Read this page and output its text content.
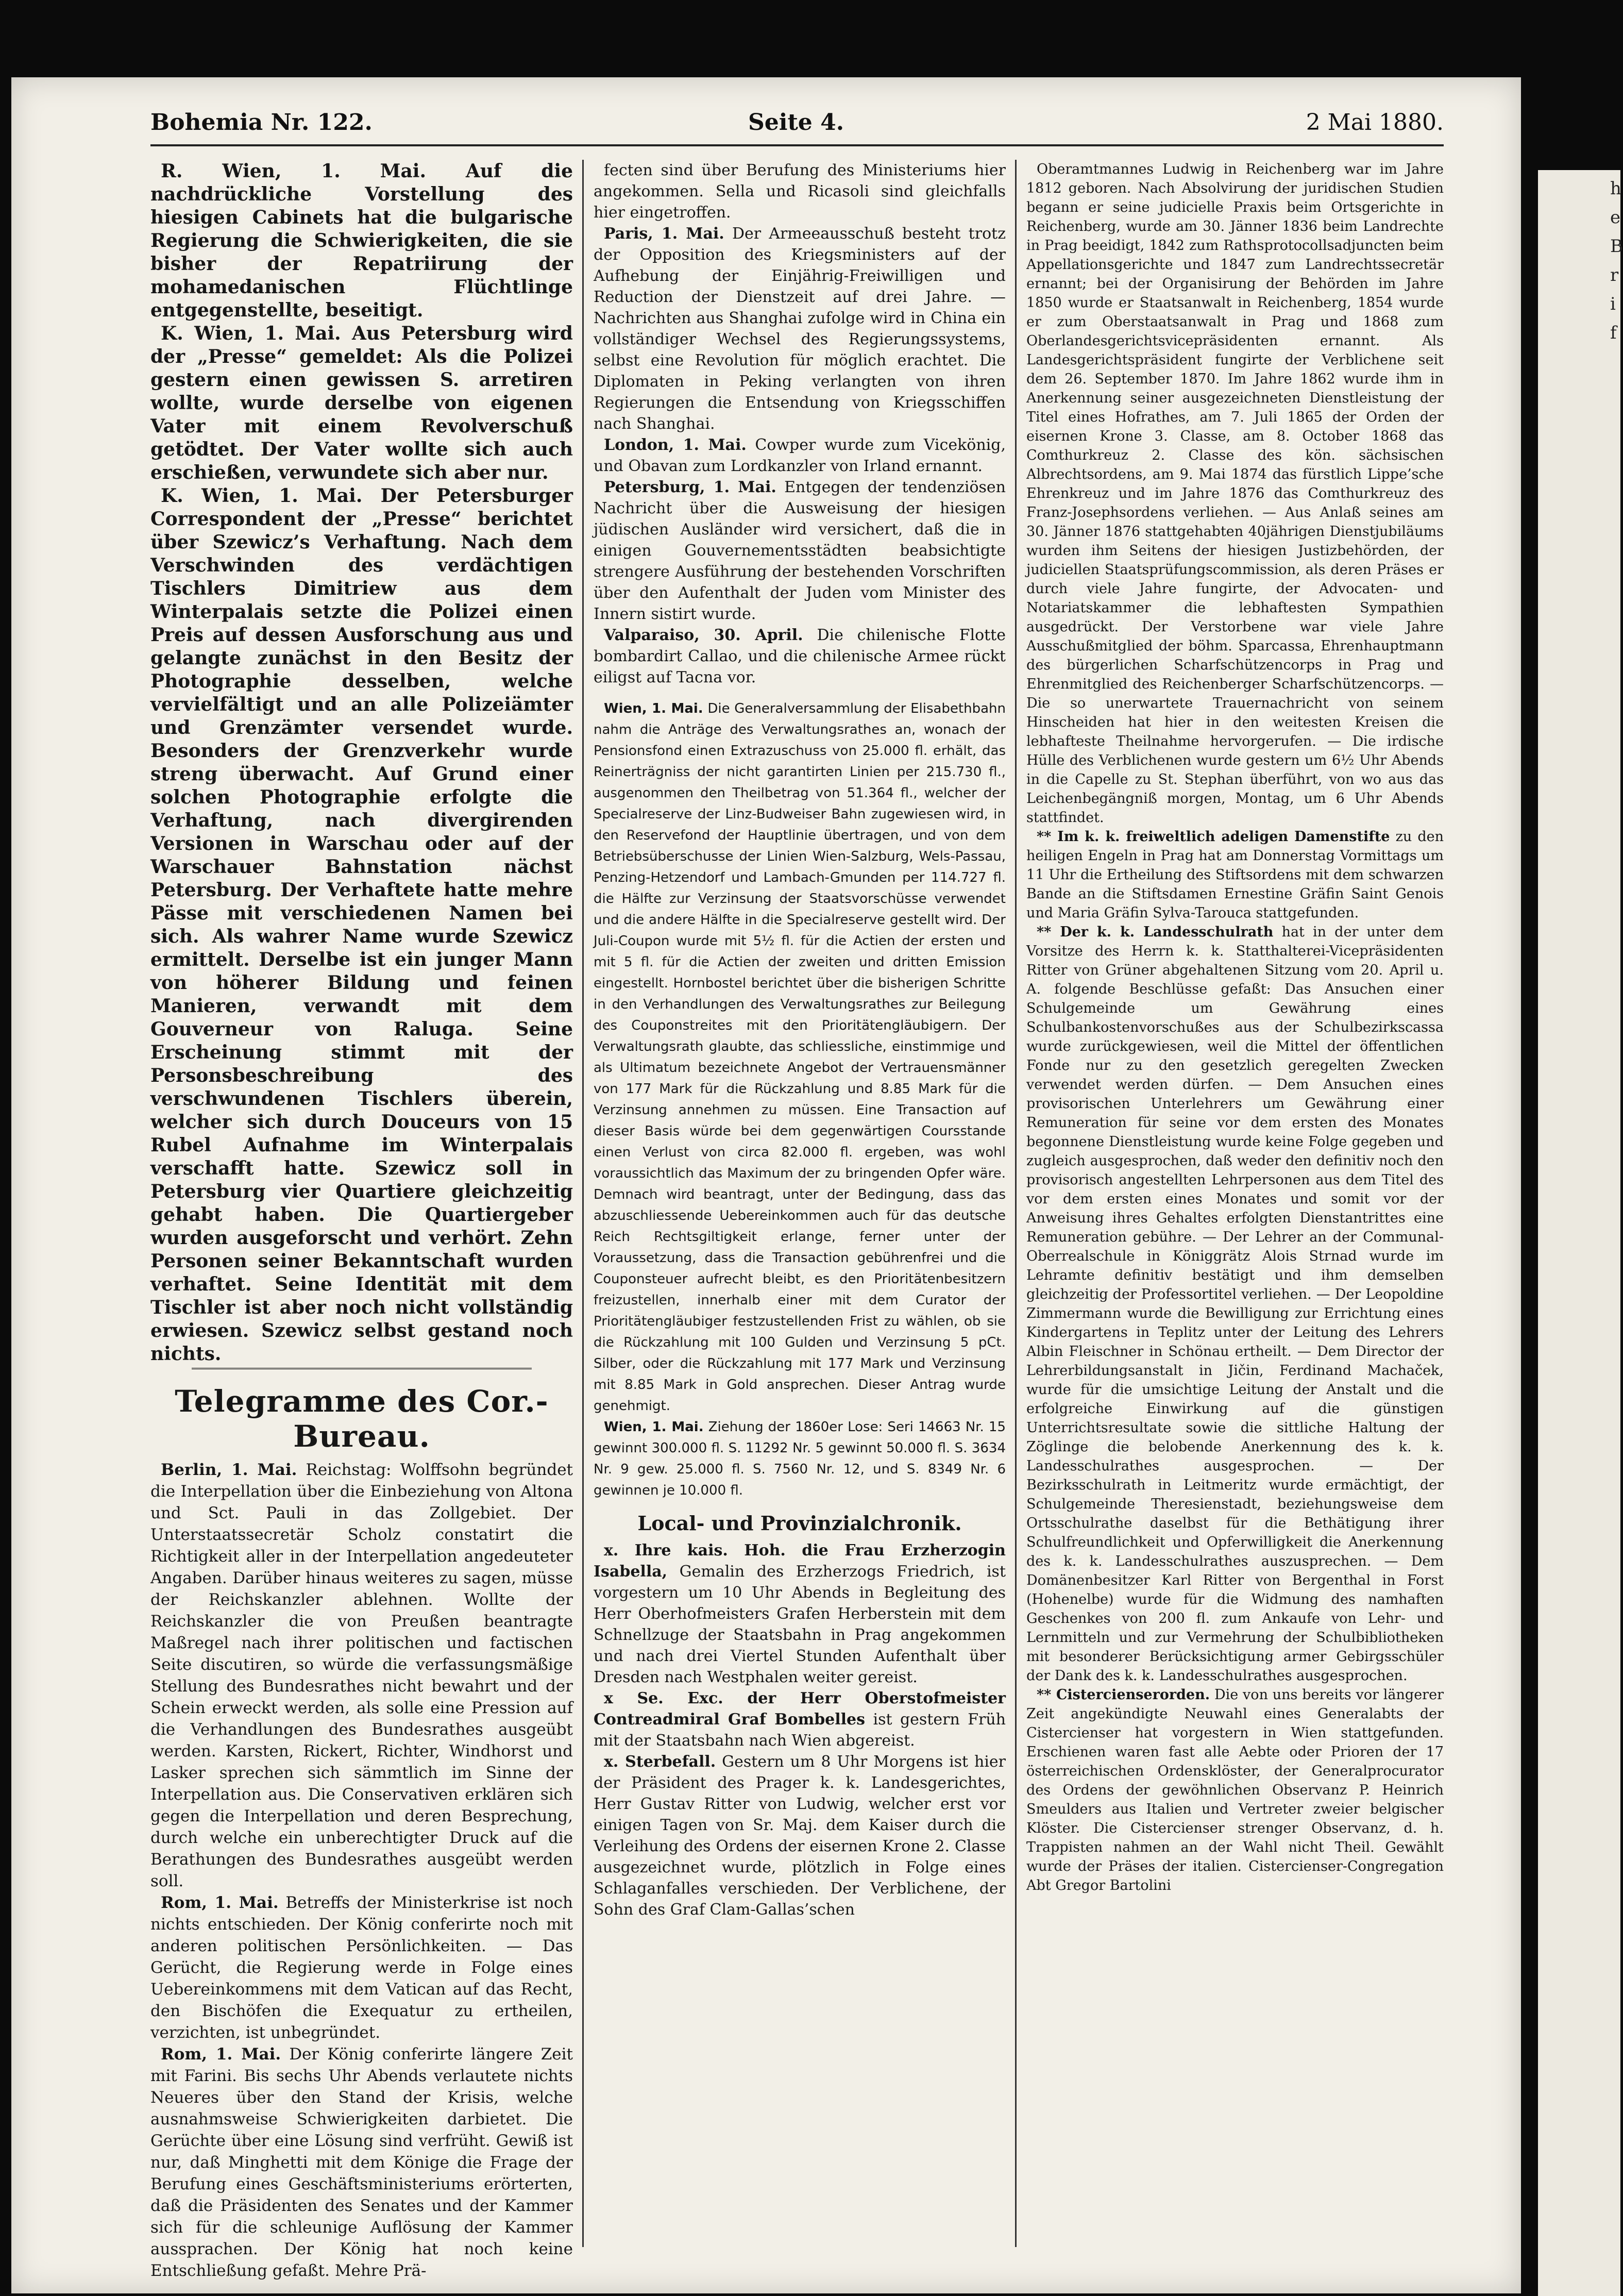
Bohemia Nr. 122.	Seite 4.	2 Mai 1880.

R. Wien, 1. Mai. Auf die nachdrückliche Vorstellung des hiesigen Cabinets hat die bulgarische Regierung die Schwierigkeiten, die sie bisher der Repatriirung der mohamedanischen Flüchtlinge entgegenstellte, beseitigt.

K. Wien, 1. Mai. Aus Petersburg wird der „Presse“ gemeldet: Als die Polizei gestern einen gewissen S. arretiren wollte, wurde derselbe von eigenen Vater mit einem Revolverschuß getödtet. Der Vater wollte sich auch erschießen, verwundete sich aber nur.

K. Wien, 1. Mai. Der Petersburger Correspondent der „Presse“ berichtet über Szewicz’s Verhaftung. Nach dem Verschwinden des verdächtigen Tischlers Dimitriew aus dem Winterpalais setzte die Polizei einen Preis auf dessen Ausforschung aus und gelangte zunächst in den Besitz der Photographie desselben, welche vervielfältigt und an alle Polizeiämter und Grenzämter versendet wurde. Besonders der Grenzverkehr wurde streng überwacht. Auf Grund einer solchen Photographie erfolgte die Verhaftung, nach divergirenden Versionen in Warschau oder auf der Warschauer Bahnstation nächst Petersburg. Der Verhaftete hatte mehre Pässe mit verschiedenen Namen bei sich. Als wahrer Name wurde Szewicz ermittelt. Derselbe ist ein junger Mann von höherer Bildung und feinen Manieren, verwandt mit dem Gouverneur von Raluga. Seine Erscheinung stimmt mit der Personsbeschreibung des verschwundenen Tischlers überein, welcher sich durch Douceurs von 15 Rubel Aufnahme im Winterpalais verschafft hatte. Szewicz soll in Petersburg vier Quartiere gleichzeitig gehabt haben. Die Quartiergeber wurden ausgeforscht und verhört. Zehn Personen seiner Bekanntschaft wurden verhaftet. Seine Identität mit dem Tischler ist aber noch nicht vollständig erwiesen. Szewicz selbst gestand noch nichts.

Telegramme des Cor.-Bureau.

Berlin, 1. Mai. Reichstag: Wolffsohn begründet die Interpellation über die Einbeziehung von Altona und Sct. Pauli in das Zollgebiet. Der Unterstaatssecretär Scholz constatirt die Richtigkeit aller in der Interpellation angedeuteter Angaben. Darüber hinaus weiteres zu sagen, müsse der Reichskanzler ablehnen. Wollte der Reichskanzler die von Preußen beantragte Maßregel nach ihrer politischen und factischen Seite discutiren, so würde die verfassungsmäßige Stellung des Bundesrathes nicht bewahrt und der Schein erweckt werden, als solle eine Pression auf die Verhandlungen des Bundesrathes ausgeübt werden. Karsten, Rickert, Richter, Windhorst und Lasker sprechen sich sämmtlich im Sinne der Interpellation aus. Die Conservativen erklären sich gegen die Interpellation und deren Besprechung, durch welche ein unberechtigter Druck auf die Berathungen des Bundesrathes ausgeübt werden soll.

Rom, 1. Mai. Betreffs der Ministerkrise ist noch nichts entschieden. Der König conferirte noch mit anderen politischen Persönlichkeiten. — Das Gerücht, die Regierung werde in Folge eines Uebereinkommens mit dem Vatican auf das Recht, den Bischöfen die Exequatur zu ertheilen, verzichten, ist unbegründet.

Rom, 1. Mai. Der König conferirte längere Zeit mit Farini. Bis sechs Uhr Abends verlautete nichts Neueres über den Stand der Krisis, welche ausnahmsweise Schwierigkeiten darbietet. Die Gerüchte über eine Lösung sind verfrüht. Gewiß ist nur, daß Minghetti mit dem Könige die Frage der Berufung eines Geschäftsministeriums erörterten, daß die Präsidenten des Senates und der Kammer sich für die schleunige Auflösung der Kammer aussprachen. Der König hat noch keine Entschließung gefaßt. Mehre Prä-

fecten sind über Berufung des Ministeriums hier angekommen. Sella und Ricasoli sind gleichfalls hier eingetroffen.

Paris, 1. Mai. Der Armeeausschuß besteht trotz der Opposition des Kriegsministers auf der Aufhebung der Einjährig-Freiwilligen und Reduction der Dienstzeit auf drei Jahre. — Nachrichten aus Shanghai zufolge wird in China ein vollständiger Wechsel des Regierungssystems, selbst eine Revolution für möglich erachtet. Die Diplomaten in Peking verlangten von ihren Regierungen die Entsendung von Kriegsschiffen nach Shanghai.

London, 1. Mai. Cowper wurde zum Vicekönig, und Obavan zum Lordkanzler von Irland ernannt.

Petersburg, 1. Mai. Entgegen der tendenziösen Nachricht über die Ausweisung der hiesigen jüdischen Ausländer wird versichert, daß die in einigen Gouvernementsstädten beabsichtigte strengere Ausführung der bestehenden Vorschriften über den Aufenthalt der Juden vom Minister des Innern sistirt wurde.

Valparaiso, 30. April. Die chilenische Flotte bombardirt Callao, und die chilenische Armee rückt eiligst auf Tacna vor.

Wien, 1. Mai. Die Generalversammlung der Elisabethbahn nahm die Anträge des Verwaltungsrathes an, wonach der Pensionsfond einen Extrazuschuss von 25.000 fl. erhält, das Reinerträgniss der nicht garantirten Linien per 215.730 fl., ausgenommen den Theilbetrag von 51.364 fl., welcher der Specialreserve der Linz-Budweiser Bahn zugewiesen wird, in den Reservefond der Hauptlinie übertragen, und von dem Betriebsüberschusse der Linien Wien-Salzburg, Wels-Passau, Penzing-Hetzendorf und Lambach-Gmunden per 114.727 fl. die Hälfte zur Verzinsung der Staatsvorschüsse verwendet und die andere Hälfte in die Specialreserve gestellt wird. Der Juli-Coupon wurde mit 5½ fl. für die Actien der ersten und mit 5 fl. für die Actien der zweiten und dritten Emission eingestellt. Hornbostel berichtet über die bisherigen Schritte in den Verhandlungen des Verwaltungsrathes zur Beilegung des Couponstreites mit den Prioritätengläubigern. Der Verwaltungsrath glaubte, das schliessliche, einstimmige und als Ultimatum bezeichnete Angebot der Vertrauensmänner von 177 Mark für die Rückzahlung und 8.85 Mark für die Verzinsung annehmen zu müssen. Eine Transaction auf dieser Basis würde bei dem gegenwärtigen Coursstande einen Verlust von circa 82.000 fl. ergeben, was wohl voraussichtlich das Maximum der zu bringenden Opfer wäre. Demnach wird beantragt, unter der Bedingung, dass das abzuschliessende Uebereinkommen auch für das deutsche Reich Rechtsgiltigkeit erlange, ferner unter der Voraussetzung, dass die Transaction gebührenfrei und die Couponsteuer aufrecht bleibt, es den Prioritätenbesitzern freizustellen, innerhalb einer mit dem Curator der Prioritätengläubiger festzustellenden Frist zu wählen, ob sie die Rückzahlung mit 100 Gulden und Verzinsung 5 pCt. Silber, oder die Rückzahlung mit 177 Mark und Verzinsung mit 8.85 Mark in Gold ansprechen. Dieser Antrag wurde genehmigt.

Wien, 1. Mai. Ziehung der 1860er Lose: Seri 14663 Nr. 15 gewinnt 300.000 fl. S. 11292 Nr. 5 gewinnt 50.000 fl. S. 3634 Nr. 9 gew. 25.000 fl. S. 7560 Nr. 12, und S. 8349 Nr. 6 gewinnen je 10.000 fl.

Local- und Provinzialchronik.

x. Ihre kais. Hoh. die Frau Erzherzogin Isabella, Gemalin des Erzherzogs Friedrich, ist vorgestern um 10 Uhr Abends in Begleitung des Herr Oberhofmeisters Grafen Herberstein mit dem Schnellzuge der Staatsbahn in Prag angekommen und nach drei Viertel Stunden Aufenthalt über Dresden nach Westphalen weiter gereist.

x Se. Exc. der Herr Oberstofmeister Contreadmiral Graf Bombelles ist gestern Früh mit der Staatsbahn nach Wien abgereist.

x. Sterbefall. Gestern um 8 Uhr Morgens ist hier der Präsident des Prager k. k. Landesgerichtes, Herr Gustav Ritter von Ludwig, welcher erst vor einigen Tagen von Sr. Maj. dem Kaiser durch die Verleihung des Ordens der eisernen Krone 2. Classe ausgezeichnet wurde, plötzlich in Folge eines Schlaganfalles verschieden. Der Verblichene, der Sohn des Graf Clam-Gallas’schen

Oberamtmannes Ludwig in Reichenberg war im Jahre 1812 geboren. Nach Absolvirung der juridischen Studien begann er seine judicielle Praxis beim Ortsgerichte in Reichenberg, wurde am 30. Jänner 1836 beim Landrechte in Prag beeidigt, 1842 zum Rathsprotocollsadjuncten beim Appellationsgerichte und 1847 zum Landrechtssecretär ernannt; bei der Organisirung der Behörden im Jahre 1850 wurde er Staatsanwalt in Reichenberg, 1854 wurde er zum Oberstaatsanwalt in Prag und 1868 zum Oberlandesgerichtsvicepräsidenten ernannt. Als Landesgerichtspräsident fungirte der Verblichene seit dem 26. September 1870. Im Jahre 1862 wurde ihm in Anerkennung seiner ausgezeichneten Dienstleistung der Titel eines Hofrathes, am 7. Juli 1865 der Orden der eisernen Krone 3. Classe, am 8. October 1868 das Comthurkreuz 2. Classe des kön. sächsischen Albrechtsordens, am 9. Mai 1874 das fürstlich Lippe’sche Ehrenkreuz und im Jahre 1876 das Comthurkreuz des Franz-Josephsordens verliehen. — Aus Anlaß seines am 30. Jänner 1876 stattgehabten 40jährigen Dienstjubiläums wurden ihm Seitens der hiesigen Justizbehörden, der judiciellen Staatsprüfungscommission, als deren Präses er durch viele Jahre fungirte, der Advocaten- und Notariatskammer die lebhaftesten Sympathien ausgedrückt. Der Verstorbene war viele Jahre Ausschußmitglied der böhm. Sparcassa, Ehrenhauptmann des bürgerlichen Scharfschützencorps in Prag und Ehrenmitglied des Reichenberger Scharfschützencorps. — Die so unerwartete Trauernachricht von seinem Hinscheiden hat hier in den weitesten Kreisen die lebhafteste Theilnahme hervorgerufen. — Die irdische Hülle des Verblichenen wurde gestern um 6½ Uhr Abends in die Capelle zu St. Stephan überführt, von wo aus das Leichenbegängniß morgen, Montag, um 6 Uhr Abends stattfindet.

** Im k. k. freiweltlich adeligen Damenstifte zu den heiligen Engeln in Prag hat am Donnerstag Vormittags um 11 Uhr die Ertheilung des Stiftsordens mit dem schwarzen Bande an die Stiftsdamen Ernestine Gräfin Saint Genois und Maria Gräfin Sylva-Tarouca stattgefunden.

** Der k. k. Landesschulrath hat in der unter dem Vorsitze des Herrn k. k. Statthalterei-Vicepräsidenten Ritter von Grüner abgehaltenen Sitzung vom 20. April u. A. folgende Beschlüsse gefaßt: Das Ansuchen einer Schulgemeinde um Gewährung eines Schulbankostenvorschußes aus der Schulbezirkscassa wurde zurückgewiesen, weil die Mittel der öffentlichen Fonde nur zu den gesetzlich geregelten Zwecken verwendet werden dürfen. — Dem Ansuchen eines provisorischen Unterlehrers um Gewährung einer Remuneration für seine vor dem ersten des Monates begonnene Dienstleistung wurde keine Folge gegeben und zugleich ausgesprochen, daß weder den definitiv noch den provisorisch angestellten Lehrpersonen aus dem Titel des vor dem ersten eines Monates und somit vor der Anweisung ihres Gehaltes erfolgten Dienstantrittes eine Remuneration gebühre. — Der Lehrer an der Communal-Oberrealschule in Königgrätz Alois Strnad wurde im Lehramte definitiv bestätigt und ihm demselben gleichzeitig der Professortitel verliehen. — Der Leopoldine Zimmermann wurde die Bewilligung zur Errichtung eines Kindergartens in Teplitz unter der Leitung des Lehrers Albin Fleischner in Schönau ertheilt. — Dem Director der Lehrerbildungsanstalt in Jičin, Ferdinand Machaček, wurde für die umsichtige Leitung der Anstalt und die erfolgreiche Einwirkung auf die günstigen Unterrichtsresultate sowie die sittliche Haltung der Zöglinge die belobende Anerkennung des k. k. Landesschulrathes ausgesprochen. — Der Bezirksschulrath in Leitmeritz wurde ermächtigt, der Schulgemeinde Theresienstadt, beziehungsweise dem Ortsschulrathe daselbst für die Bethätigung ihrer Schulfreundlichkeit und Opferwilligkeit die Anerkennung des k. k. Landesschulrathes auszusprechen. — Dem Domänenbesitzer Karl Ritter von Bergenthal in Forst (Hohenelbe) wurde für die Widmung des namhaften Geschenkes von 200 fl. zum Ankaufe von Lehr- und Lernmitteln und zur Vermehrung der Schulbibliotheken mit besonderer Berücksichtigung armer Gebirgsschüler der Dank des k. k. Landesschulrathes ausgesprochen.

** Cistercienserorden. Die von uns bereits vor längerer Zeit angekündigte Neuwahl eines Generalabts der Cistercienser hat vorgestern in Wien stattgefunden. Erschienen waren fast alle Aebte oder Prioren der 17 österreichischen Ordensklöster, der Generalprocurator des Ordens der gewöhnlichen Observanz P. Heinrich Smeulders aus Italien und Vertreter zweier belgischer Klöster. Die Cistercienser strenger Observanz, d. h. Trappisten nahmen an der Wahl nicht Theil. Gewählt wurde der Präses der italien. Cistercienser-Congregation Abt Gregor Bartolini

h
e
B
r
i
f
